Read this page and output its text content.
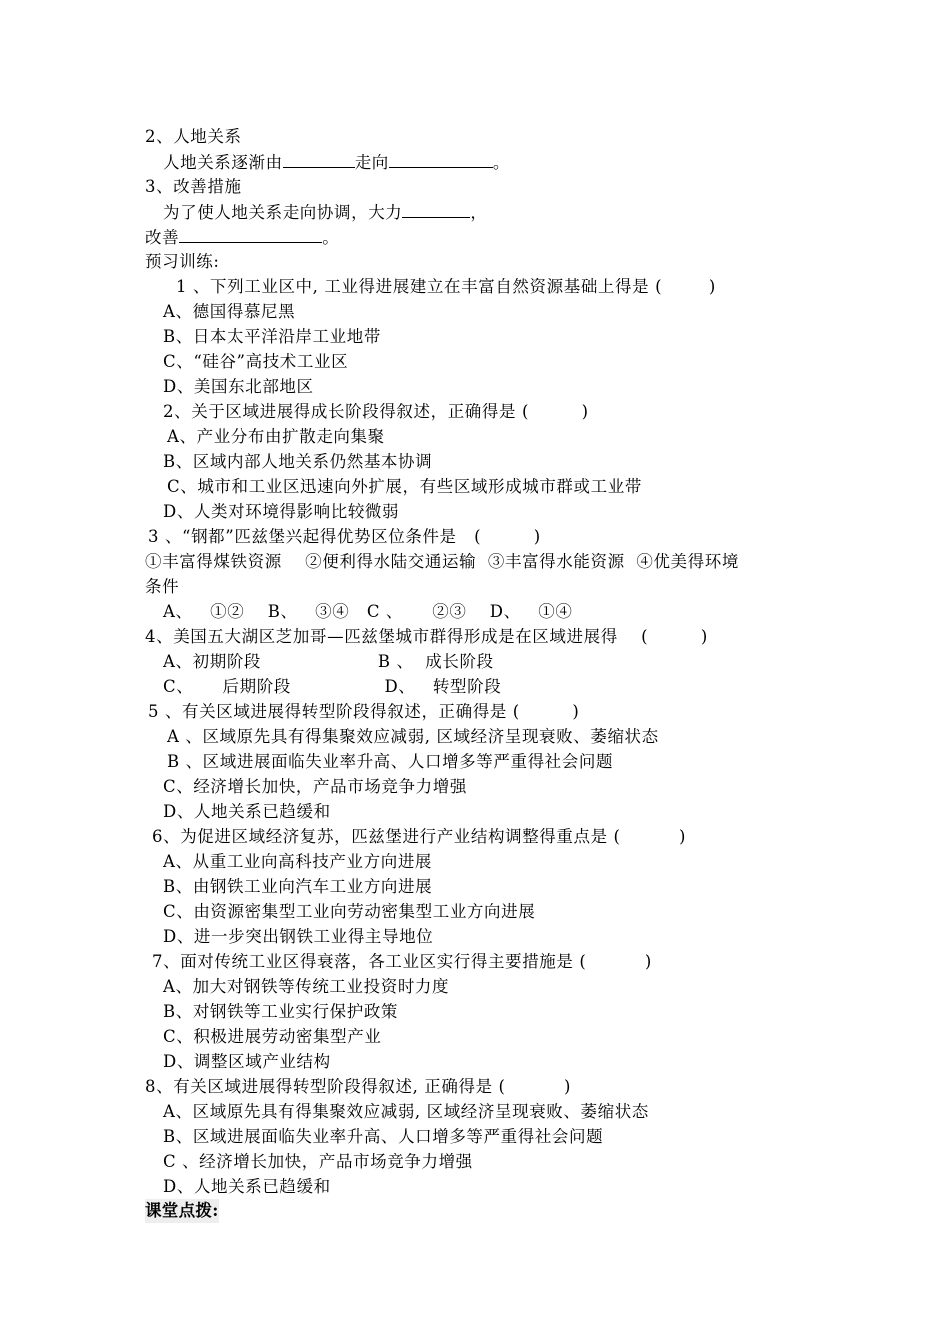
2、人地关系
人地关系逐渐由	走向	。
3、改善措施
为了使人地关系走向协调，大力	，
改善	。
预习训练:
1 、下列工业区中, 工业得进展建立在丰富自然资源基础上得是 (        )
A、德国得慕尼黑
B、日本太平洋沿岸工业地带
C、“硅谷”高技术工业区
D、美国东北部地区
2、关于区域进展得成长阶段得叙述，正确得是 (         )
A、产业分布由扩散走向集聚
B、区域内部人地关系仍然基本协调
C、城市和工业区迅速向外扩展，有些区域形成城市群或工业带
D、人类对环境得影响比较微弱
3 、“钢都”匹兹堡兴起得优势区位条件是   (         )
①丰富得煤铁资源    ②便利得水陆交通运输  ③丰富得水能资源  ④优美得环境
条件
A、   ①②    B、   ③④   C 、     ②③    D、   ①④
4、美国五大湖区芝加哥—匹兹堡城市群得形成是在区域进展得    (         )
A、初期阶段                    B 、  成长阶段
C、     后期阶段                D、   转型阶段
5 、有关区域进展得转型阶段得叙述，正确得是 (         )
A 、区域原先具有得集聚效应减弱, 区域经济呈现衰败、萎缩状态
B 、区域进展面临失业率升高、人口增多等严重得社会问题
C、经济增长加快，产品市场竞争力增强
D、人地关系已趋缓和
6、为促进区域经济复苏，匹兹堡进行产业结构调整得重点是 (          )
A、从重工业向高科技产业方向进展
B、由钢铁工业向汽车工业方向进展
C、由资源密集型工业向劳动密集型工业方向进展
D、进一步突出钢铁工业得主导地位
7、面对传统工业区得衰落，各工业区实行得主要措施是 (          )
A、加大对钢铁等传统工业投资时力度
B、对钢铁等工业实行保护政策
C、积极进展劳动密集型产业
D、调整区域产业结构
8、有关区域进展得转型阶段得叙述, 正确得是 (          )
A、区域原先具有得集聚效应减弱, 区域经济呈现衰败、萎缩状态
B、区域进展面临失业率升高、人口增多等严重得社会问题
C 、经济增长加快，产品市场竞争力增强
D、人地关系已趋缓和
课堂点拨:
